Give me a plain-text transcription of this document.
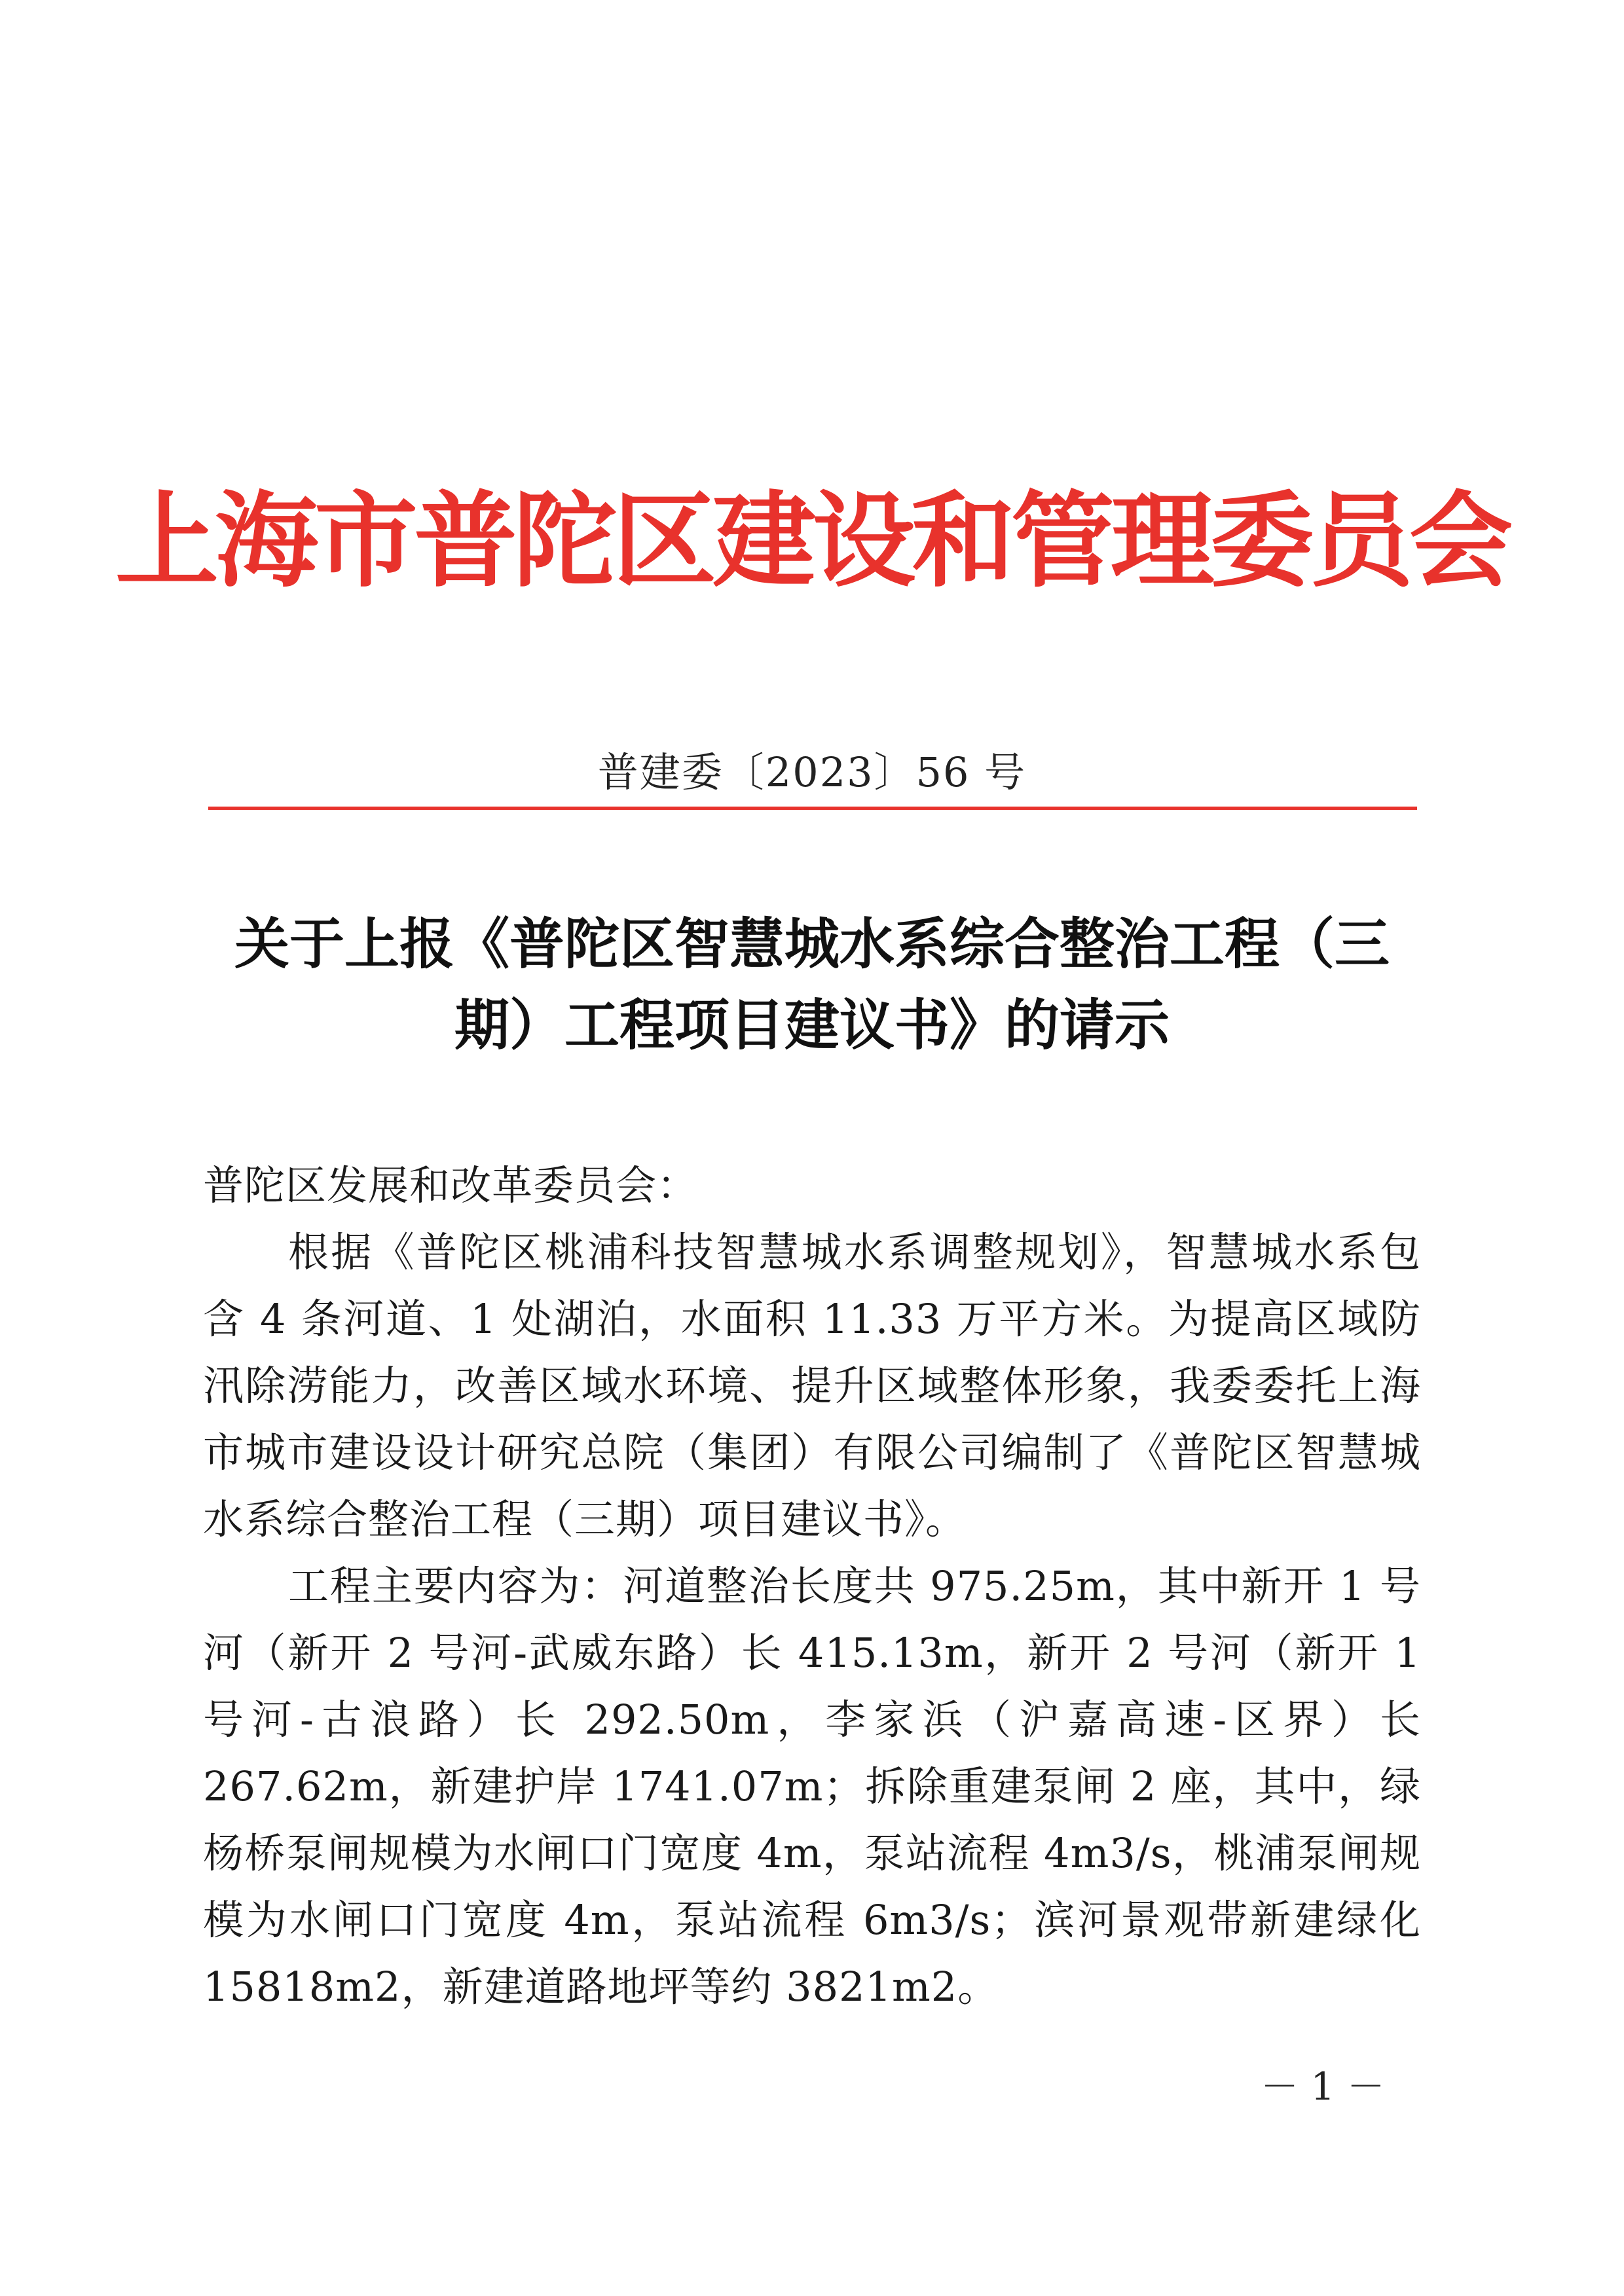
上海市普陀区建设和管理委员会
普建委〔2023〕56 号
关于上报《普陀区智慧城水系综合整治工程（三
期）工程项目建议书》的请示

普陀区发展和改革委员会：

根据《普陀区桃浦科技智慧城水系调整规划》，智慧城水系包含 4 条河道、1 处湖泊，水面积 11.33 万平方米。为提高区域防汛除涝能力，改善区域水环境、提升区域整体形象，我委委托上海市城市建设设计研究总院（集团）有限公司编制了《普陀区智慧城水系综合整治工程（三期）项目建议书》。

工程主要内容为：河道整治长度共 975.25m，其中新开 1 号河（新开 2 号河-武威东路）长 415.13m，新开 2 号河（新开 1 号河-古浪路）长 292.50m，李家浜（沪嘉高速-区界）长 267.62m，新建护岸 1741.07m；拆除重建泵闸 2 座，其中，绿杨桥泵闸规模为水闸口门宽度 4m，泵站流程 4m3/s，桃浦泵闸规模为水闸口门宽度 4m，泵站流程 6m3/s；滨河景观带新建绿化 15818m2，新建道路地坪等约 3821m2。

－ 1 －
